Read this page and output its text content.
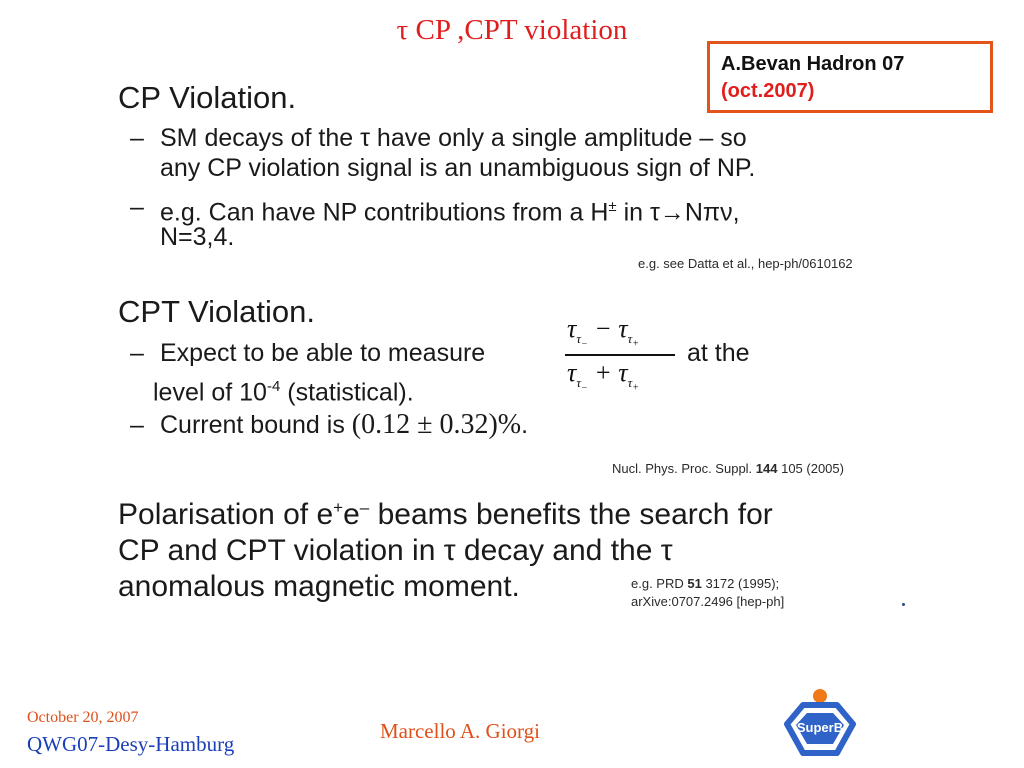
τ CP ,CPT violation
A.Bevan Hadron 07
(oct.2007)
CP Violation.
– SM decays of the τ have only a single amplitude – so
any CP violation signal is an unambiguous sign of NP.
– e.g. Can have NP contributions from a H± in τ→Nπν,
N=3,4.
e.g. see Datta et al., hep-ph/0610162
CPT Violation.
– Expect to be able to measure	at the
$\tau_{\tau_-} - \tau_{\tau_+}$
$\tau_{\tau_-} + \tau_{\tau_+}$
level of $10^{-4}$ (statistical).
– Current bound is (0.12 ± 0.32)%.
Nucl. Phys. Proc. Suppl. 144 105 (2005)
Polarisation of e+e– beams benefits the search for
CP and CPT violation in τ decay and the τ
anomalous magnetic moment.	e.g. PRD 51 3172 (1995);
arXive:0707.2496 [hep-ph]
October 20, 2007
QWG07-Desy-Hamburg
Marcello A. Giorgi	SuperB
